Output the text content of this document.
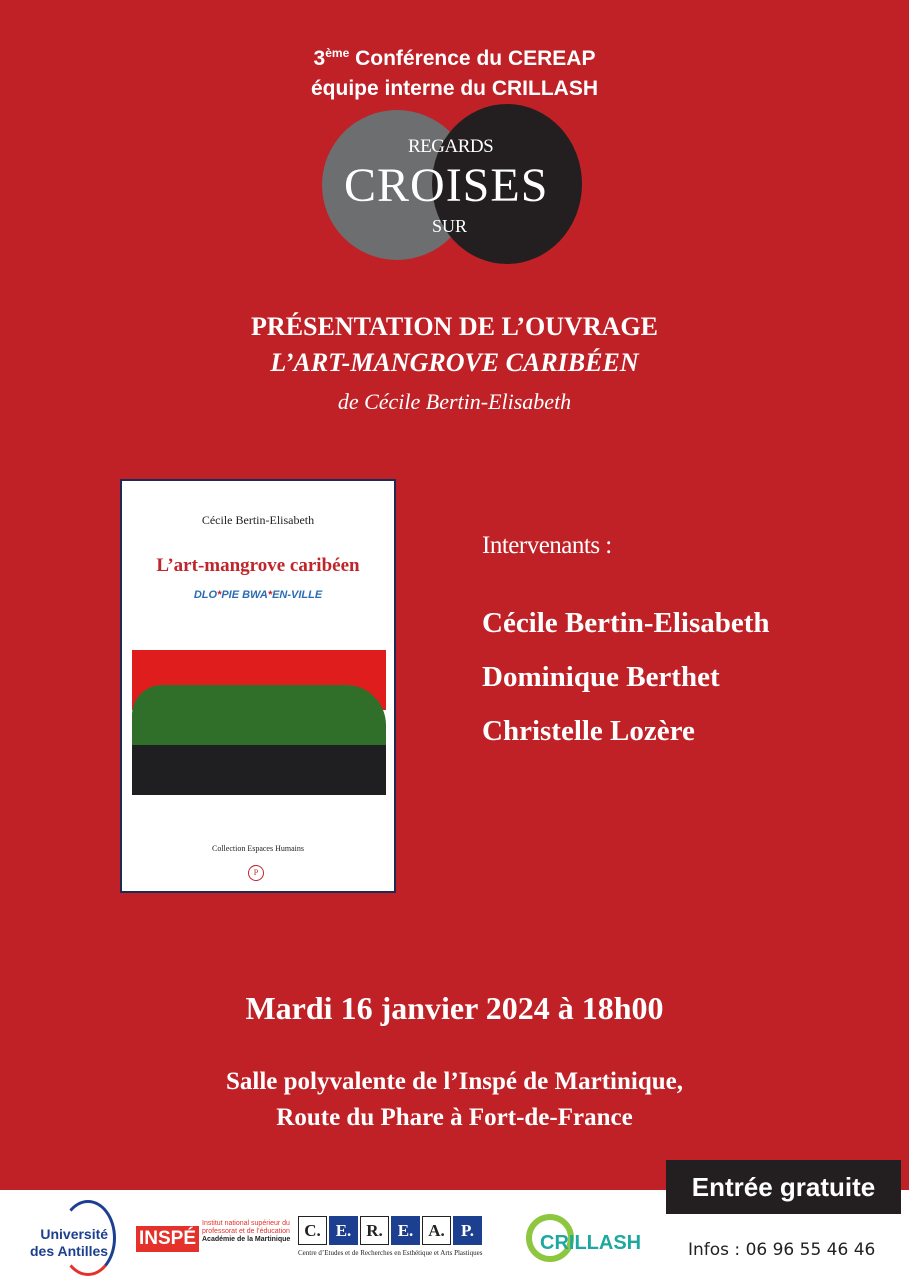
3ème Conférence du CEREAP
équipe interne du CRILLASH
REGARDS
CROISES
SUR
PRÉSENTATION DE L’OUVRAGE
L’ART-MANGROVE CARIBÉEN
de Cécile Bertin-Elisabeth
Cécile Bertin-Elisabeth
L’art-mangrove caribéen
DLO*PIE BWA*EN-VILLE
Collection Espaces Humains
P
Intervenants :
Cécile Bertin-Elisabeth
Dominique Berthet
Christelle Lozère
Mardi 16 janvier 2024 à 18h00
Salle polyvalente de l’Inspé de Martinique,
Route du Phare à Fort-de-France
Université
des Antilles
INSPÉ
Institut national supérieur du professorat et de l’éducation
Académie de la Martinique C. E. R. E. A. P.
Centre d’Etudes et de Recherches en Esthétique et Arts Plastiques	CRILLASH	Infos : 06 96 55 46 46
Entrée gratuite
